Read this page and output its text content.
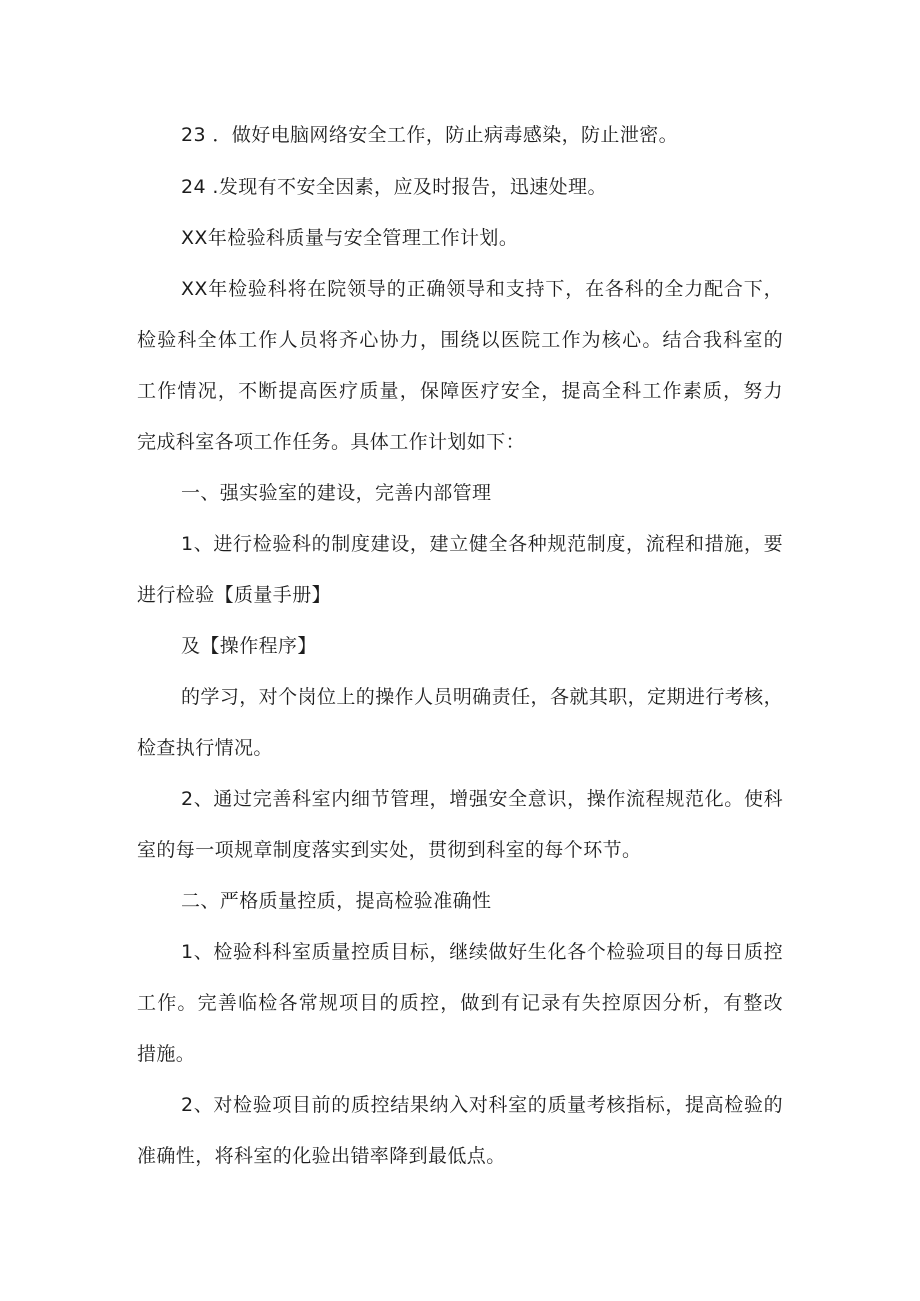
23 ．做好电脑网络安全工作，防止病毒感染，防止泄密。
24 .发现有不安全因素，应及时报告，迅速处理。
XX年检验科质量与安全管理工作计划。
XX年检验科将在院领导的正确领导和支持下，在各科的全力配合下，
检验科全体工作人员将齐心协力，围绕以医院工作为核心。结合我科室的
工作情况，不断提高医疗质量，保障医疗安全，提高全科工作素质，努力
完成科室各项工作任务。具体工作计划如下：
一、强实验室的建设，完善内部管理
1、进行检验科的制度建设，建立健全各种规范制度，流程和措施，要
进行检验【质量手册】
及【操作程序】
的学习，对个岗位上的操作人员明确责任，各就其职，定期进行考核，
检查执行情况。
2、通过完善科室内细节管理，增强安全意识，操作流程规范化。使科
室的每一项规章制度落实到实处，贯彻到科室的每个环节。
二、严格质量控质，提高检验准确性
1、检验科科室质量控质目标，继续做好生化各个检验项目的每日质控
工作。完善临检各常规项目的质控，做到有记录有失控原因分析，有整改
措施。
2、对检验项目前的质控结果纳入对科室的质量考核指标，提高检验的
准确性，将科室的化验出错率降到最低点。
